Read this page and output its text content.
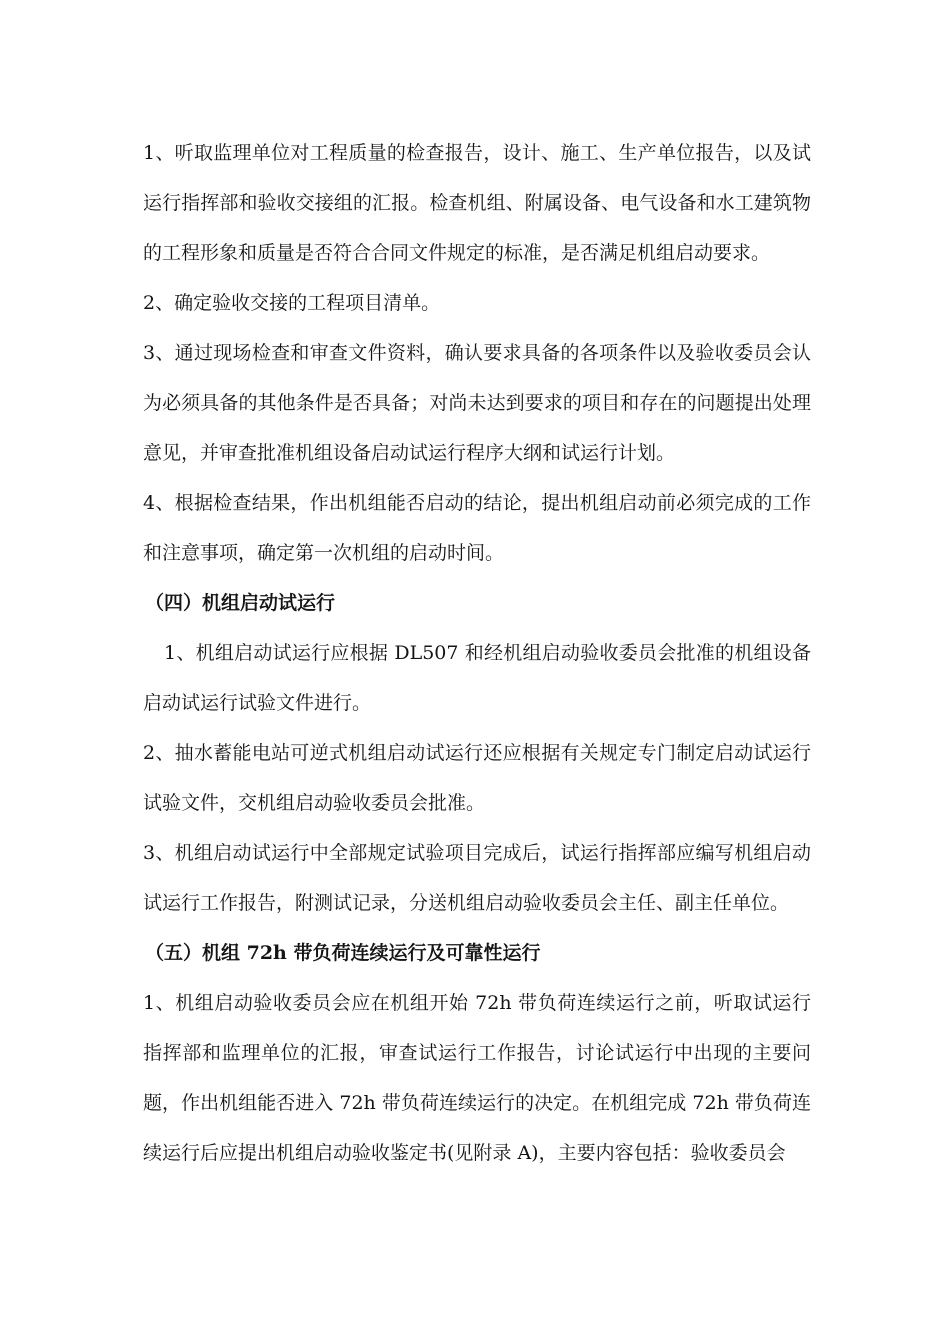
1、听取监理单位对工程质量的检查报告，设计、施工、生产单位报告，以及试运行指挥部和验收交接组的汇报。检查机组、附属设备、电气设备和水工建筑物的工程形象和质量是否符合合同文件规定的标准，是否满足机组启动要求。

2、确定验收交接的工程项目清单。

3、通过现场检查和审查文件资料，确认要求具备的各项条件以及验收委员会认为必须具备的其他条件是否具备；对尚未达到要求的项目和存在的问题提出处理意见，并审查批准机组设备启动试运行程序大纲和试运行计划。

4、根据检查结果，作出机组能否启动的结论，提出机组启动前必须完成的工作和注意事项，确定第一次机组的启动时间。

（四）机组启动试运行

1、机组启动试运行应根据 DL507 和经机组启动验收委员会批准的机组设备启动试运行试验文件进行。

2、抽水蓄能电站可逆式机组启动试运行还应根据有关规定专门制定启动试运行试验文件，交机组启动验收委员会批准。

3、机组启动试运行中全部规定试验项目完成后，试运行指挥部应编写机组启动试运行工作报告，附测试记录，分送机组启动验收委员会主任、副主任单位。

（五）机组 72h 带负荷连续运行及可靠性运行

1、机组启动验收委员会应在机组开始 72h 带负荷连续运行之前，听取试运行指挥部和监理单位的汇报，审查试运行工作报告，讨论试运行中出现的主要问题，作出机组能否进入 72h 带负荷连续运行的决定。在机组完成 72h 带负荷连续运行后应提出机组启动验收鉴定书(见附录 A)，主要内容包括：验收委员会
